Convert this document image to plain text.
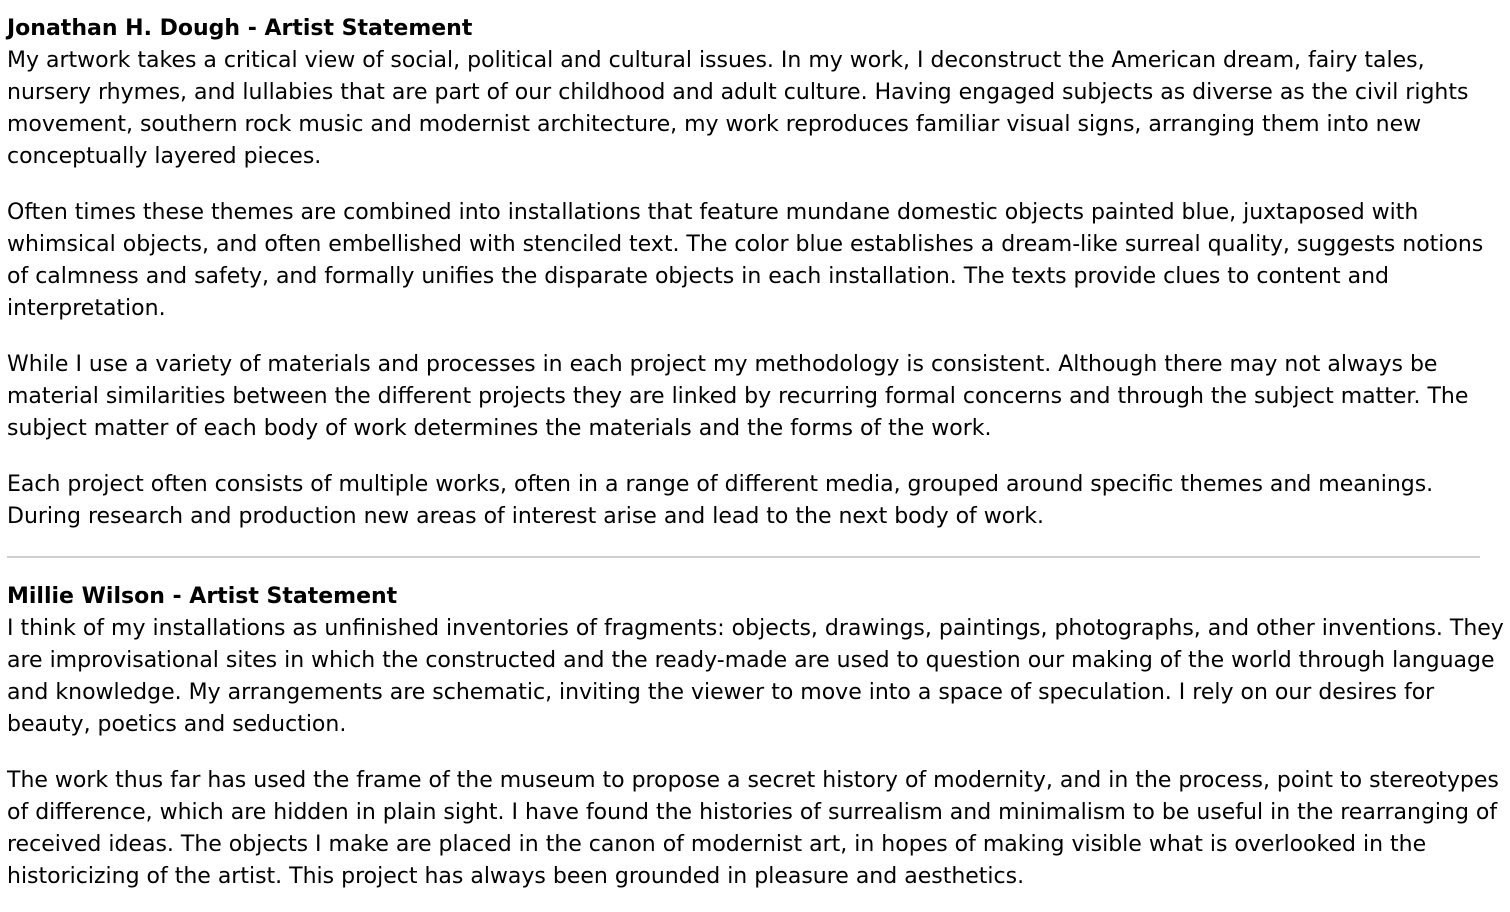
Jonathan H. Dough - Artist Statement

My artwork takes a critical view of social, political and cultural issues. In my work, I deconstruct the American dream, fairy tales, nursery rhymes, and lullabies that are part of our childhood and adult culture. Having engaged subjects as diverse as the civil rights movement, southern rock music and modernist architecture, my work reproduces familiar visual signs, arranging them into new conceptually layered pieces.

Often times these themes are combined into installations that feature mundane domestic objects painted blue, juxtaposed with whimsical objects, and often embellished with stenciled text. The color blue establishes a dream-like surreal quality, suggests notions of calmness and safety, and formally unifies the disparate objects in each installation. The texts provide clues to content and interpretation.

While I use a variety of materials and processes in each project my methodology is consistent. Although there may not always be material similarities between the different projects they are linked by recurring formal concerns and through the subject matter. The subject matter of each body of work determines the materials and the forms of the work.

Each project often consists of multiple works, often in a range of different media, grouped around specific themes and meanings. During research and production new areas of interest arise and lead to the next body of work.

Millie Wilson - Artist Statement

I think of my installations as unfinished inventories of fragments: objects, drawings, paintings, photographs, and other inventions. They are improvisational sites in which the constructed and the ready-made are used to question our making of the world through language and knowledge. My arrangements are schematic, inviting the viewer to move into a space of speculation. I rely on our desires for beauty, poetics and seduction.

The work thus far has used the frame of the museum to propose a secret history of modernity, and in the process, point to stereotypes of difference, which are hidden in plain sight. I have found the histories of surrealism and minimalism to be useful in the rearranging of received ideas. The objects I make are placed in the canon of modernist art, in hopes of making visible what is overlooked in the historicizing of the artist. This project has always been grounded in pleasure and aesthetics.
